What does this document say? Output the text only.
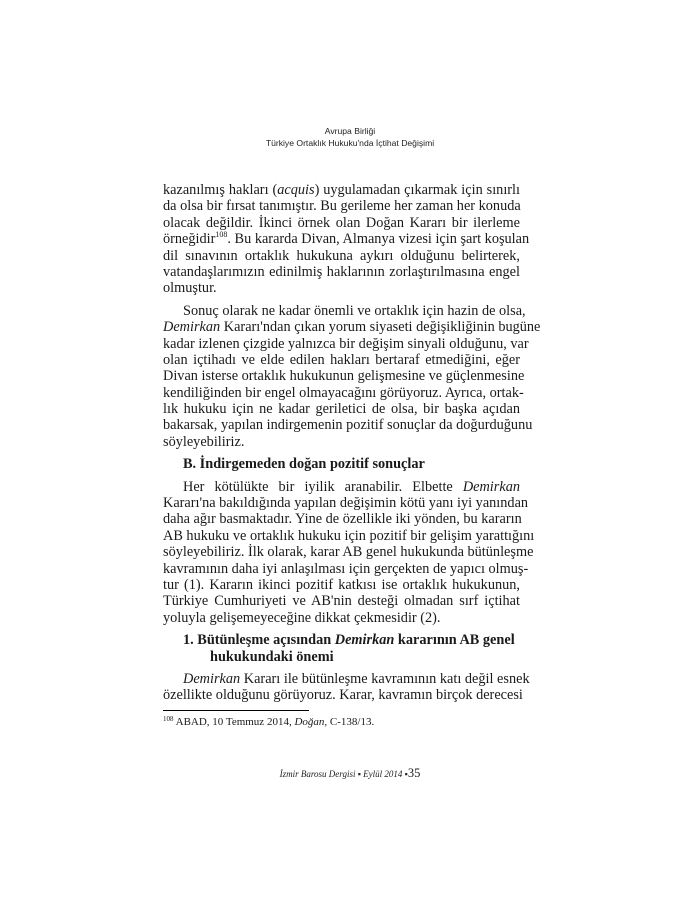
Avrupa Birliği
Türkiye Ortaklık Hukuku'nda İçtihat Değişimi
kazanılmış hakları (acquis) uygulamadan çıkarmak için sınırlı
da olsa bir fırsat tanımıştır. Bu gerileme her zaman her konuda
olacak değildir. İkinci örnek olan Doğan Kararı bir ilerleme
örneğidir$^{108}$. Bu kararda Divan, Almanya vizesi için şart koşulan
dil sınavının ortaklık hukukuna aykırı olduğunu belirterek,
vatandaşlarımızın edinilmiş haklarının zorlaştırılmasına engel
olmuştur.
Sonuç olarak ne kadar önemli ve ortaklık için hazin de olsa,
Demirkan Kararı'ndan çıkan yorum siyaseti değişikliğinin bugüne
kadar izlenen çizgide yalnızca bir değişim sinyali olduğunu, var
olan içtihadı ve elde edilen hakları bertaraf etmediğini, eğer
Divan isterse ortaklık hukukunun gelişmesine ve güçlenmesine
kendiliğinden bir engel olmayacağını görüyoruz. Ayrıca, ortak-
lık hukuku için ne kadar geriletici de olsa, bir başka açıdan
bakarsak, yapılan indirgemenin pozitif sonuçlar da doğurduğunu
söyleyebiliriz.
B. İndirgemeden doğan pozitif sonuçlar
Her kötülükte bir iyilik aranabilir. Elbette Demirkan
Kararı'na bakıldığında yapılan değişimin kötü yanı iyi yanından
daha ağır basmaktadır. Yine de özellikle iki yönden, bu kararın
AB hukuku ve ortaklık hukuku için pozitif bir gelişim yarattığını
söyleyebiliriz. İlk olarak, karar AB genel hukukunda bütünleşme
kavramının daha iyi anlaşılması için gerçekten de yapıcı olmuş-
tur (1). Kararın ikinci pozitif katkısı ise ortaklık hukukunun,
Türkiye Cumhuriyeti ve AB'nin desteği olmadan sırf içtihat
yoluyla gelişemeyeceğine dikkat çekmesidir (2).
1. Bütünleşme açısından Demirkan kararının AB genel
hukukundaki önemi
Demirkan Kararı ile bütünleşme kavramının katı değil esnek
özellikte olduğunu görüyoruz. Karar, kavramın birçok derecesi
$^{108}$ ABAD, 10 Temmuz 2014, Doğan, C-138/13.
İzmir Barosu Dergisi ▪ Eylül 2014 ▪35
